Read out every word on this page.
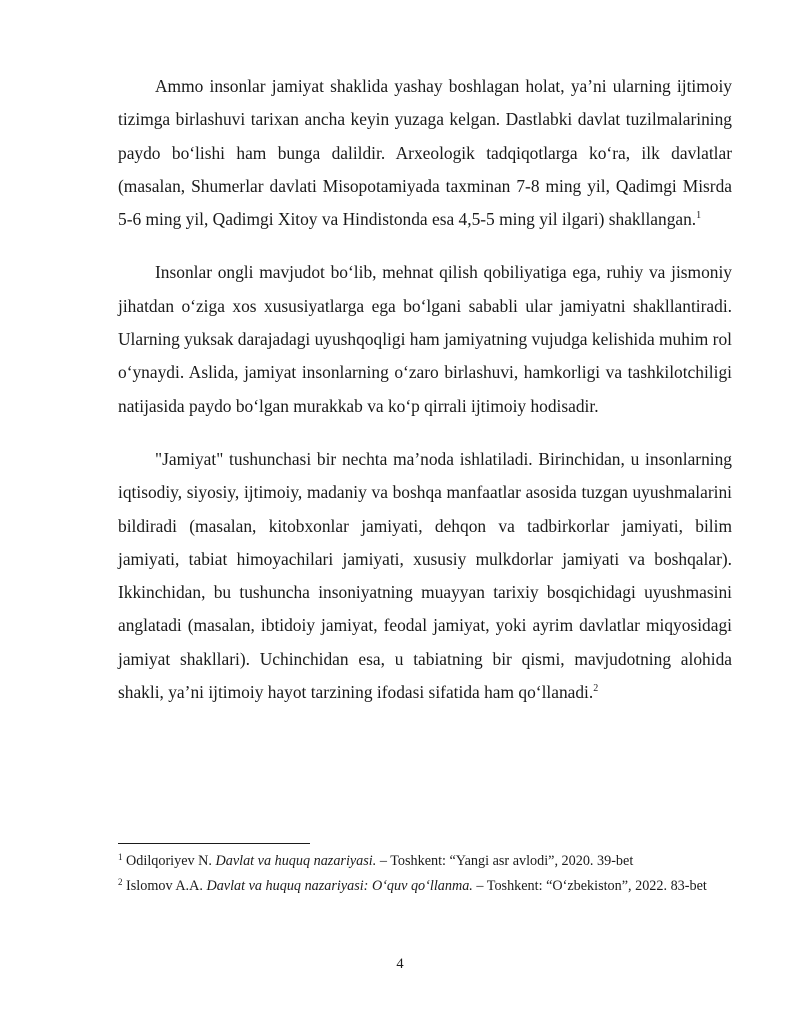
Ammo insonlar jamiyat shaklida yashay boshlagan holat, ya’ni ularning ijtimoiy tizimga birlashuvi tarixan ancha keyin yuzaga kelgan. Dastlabki davlat tuzilmalarining paydo bo‘lishi ham bunga dalildir. Arxeologik tadqiqotlarga ko‘ra, ilk davlatlar (masalan, Shumerlar davlati Misopotamiyada taxminan 7-8 ming yil, Qadimgi Misrda 5-6 ming yil, Qadimgi Xitoy va Hindistonda esa 4,5-5 ming yil ilgari) shakllangan.$^1$

Insonlar ongli mavjudot bo‘lib, mehnat qilish qobiliyatiga ega, ruhiy va jismoniy jihatdan o‘ziga xos xususiyatlarga ega bo‘lgani sababli ular jamiyatni shakllantiradi. Ularning yuksak darajadagi uyushqoqligi ham jamiyatning vujudga kelishida muhim rol o‘ynaydi. Aslida, jamiyat insonlarning o‘zaro birlashuvi, hamkorligi va tashkilotchiligi natijasida paydo bo‘lgan murakkab va ko‘p qirrali ijtimoiy hodisadir.

"Jamiyat" tushunchasi bir nechta ma’noda ishlatiladi. Birinchidan, u insonlarning iqtisodiy, siyosiy, ijtimoiy, madaniy va boshqa manfaatlar asosida tuzgan uyushmalarini bildiradi (masalan, kitobxonlar jamiyati, dehqon va tadbirkorlar jamiyati, bilim jamiyati, tabiat himoyachilari jamiyati, xususiy mulkdorlar jamiyati va boshqalar). Ikkinchidan, bu tushuncha insoniyatning muayyan tarixiy bosqichidagi uyushmasini anglatadi (masalan, ibtidoiy jamiyat, feodal jamiyat, yoki ayrim davlatlar miqyosidagi jamiyat shakllari). Uchinchidan esa, u tabiatning bir qismi, mavjudotning alohida shakli, ya’ni ijtimoiy hayot tarzining ifodasi sifatida ham qo‘llanadi.$^2$

$^1$ Odilqoriyev N. Davlat va huquq nazariyasi. – Toshkent: “Yangi asr avlodi”, 2020. 39-bet
$^2$ Islomov A.A. Davlat va huquq nazariyasi: O‘quv qo‘llanma. – Toshkent: “O‘zbekiston”, 2022. 83-bet
4
